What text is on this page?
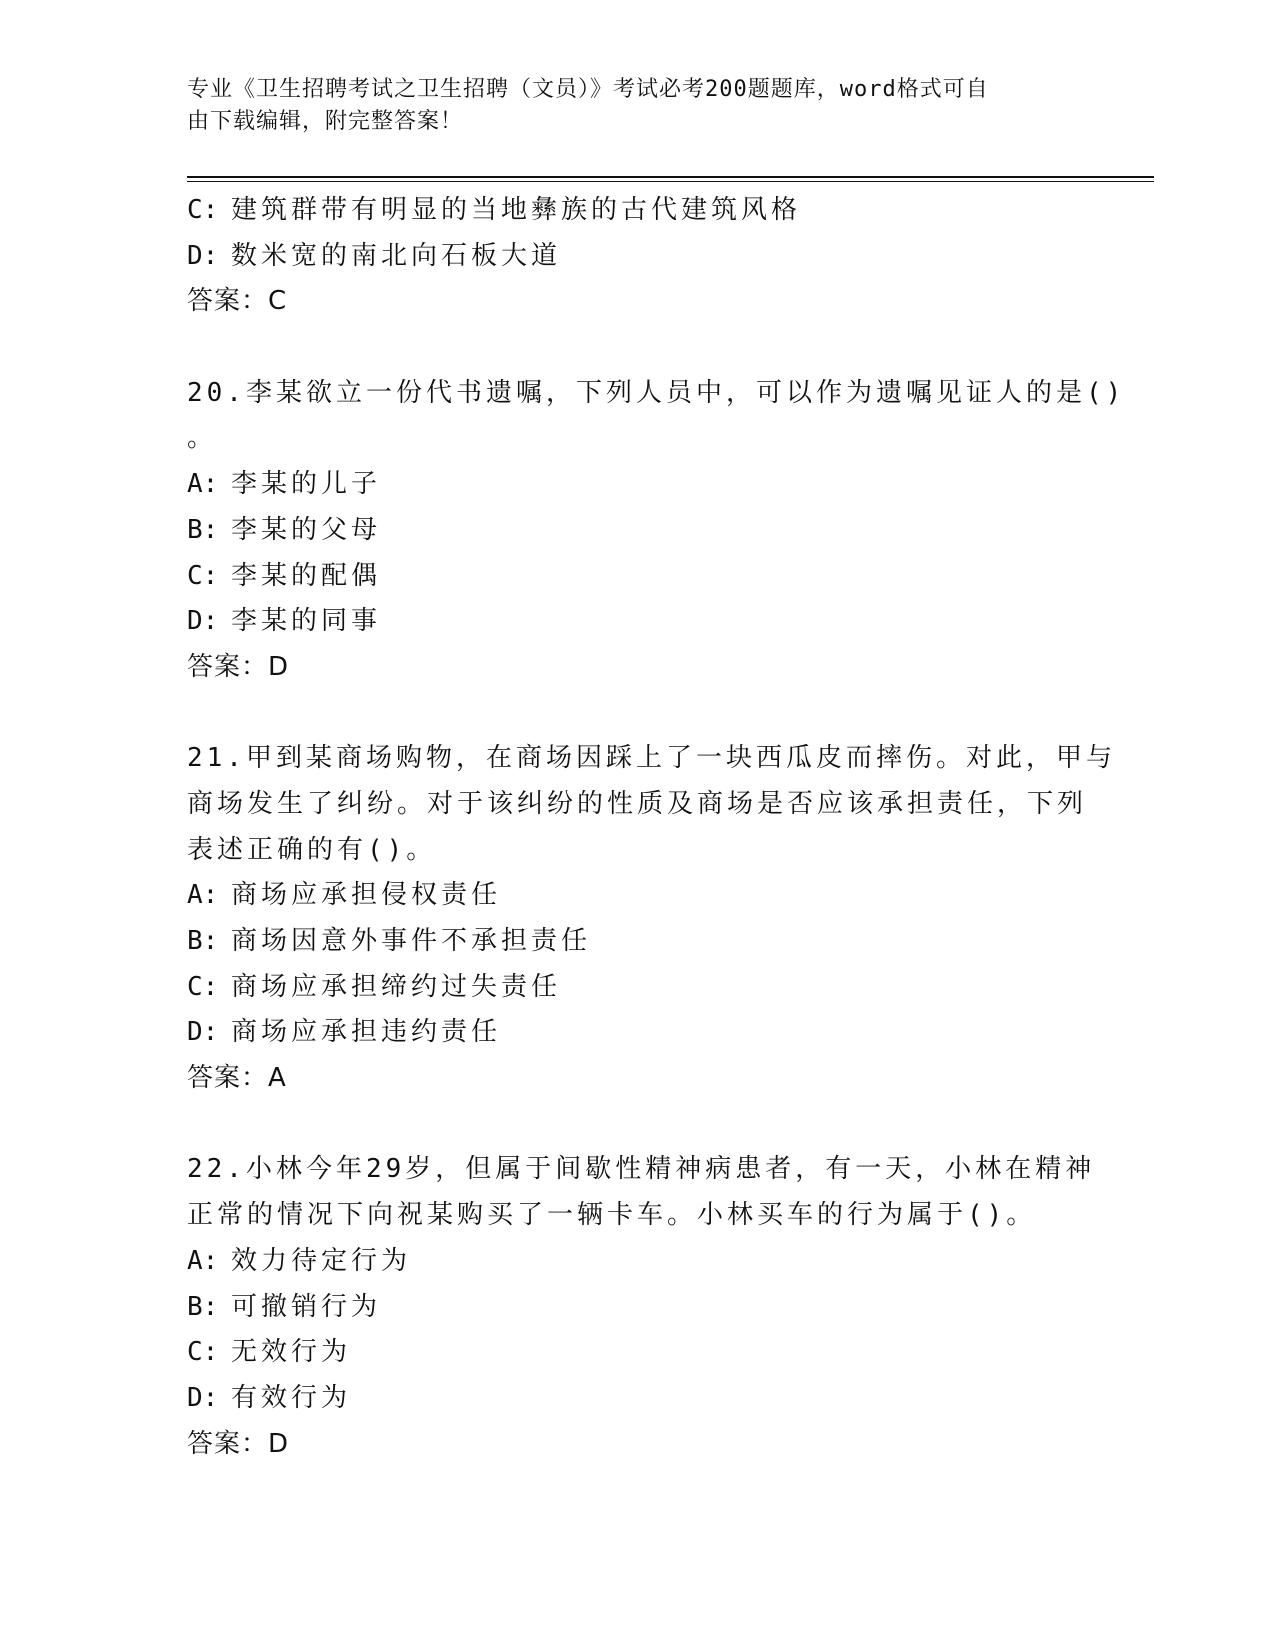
专业《卫生招聘考试之卫生招聘（文员）》考试必考200题题库，word格式可自
由下载编辑，附完整答案！
C: 建筑群带有明显的当地彝族的古代建筑风格
D: 数米宽的南北向石板大道
答案：C
20.李某欲立一份代书遗嘱，下列人员中，可以作为遗嘱见证人的是()
。
A: 李某的儿子
B: 李某的父母
C: 李某的配偶
D: 李某的同事
答案：D
21.甲到某商场购物，在商场因踩上了一块西瓜皮而摔伤。对此，甲与
商场发生了纠纷。对于该纠纷的性质及商场是否应该承担责任，下列
表述正确的有()。
A: 商场应承担侵权责任
B: 商场因意外事件不承担责任
C: 商场应承担缔约过失责任
D: 商场应承担违约责任
答案：A
22.小林今年29岁，但属于间歇性精神病患者，有一天，小林在精神
正常的情况下向祝某购买了一辆卡车。小林买车的行为属于()。
A: 效力待定行为
B: 可撤销行为
C: 无效行为
D: 有效行为
答案：D
